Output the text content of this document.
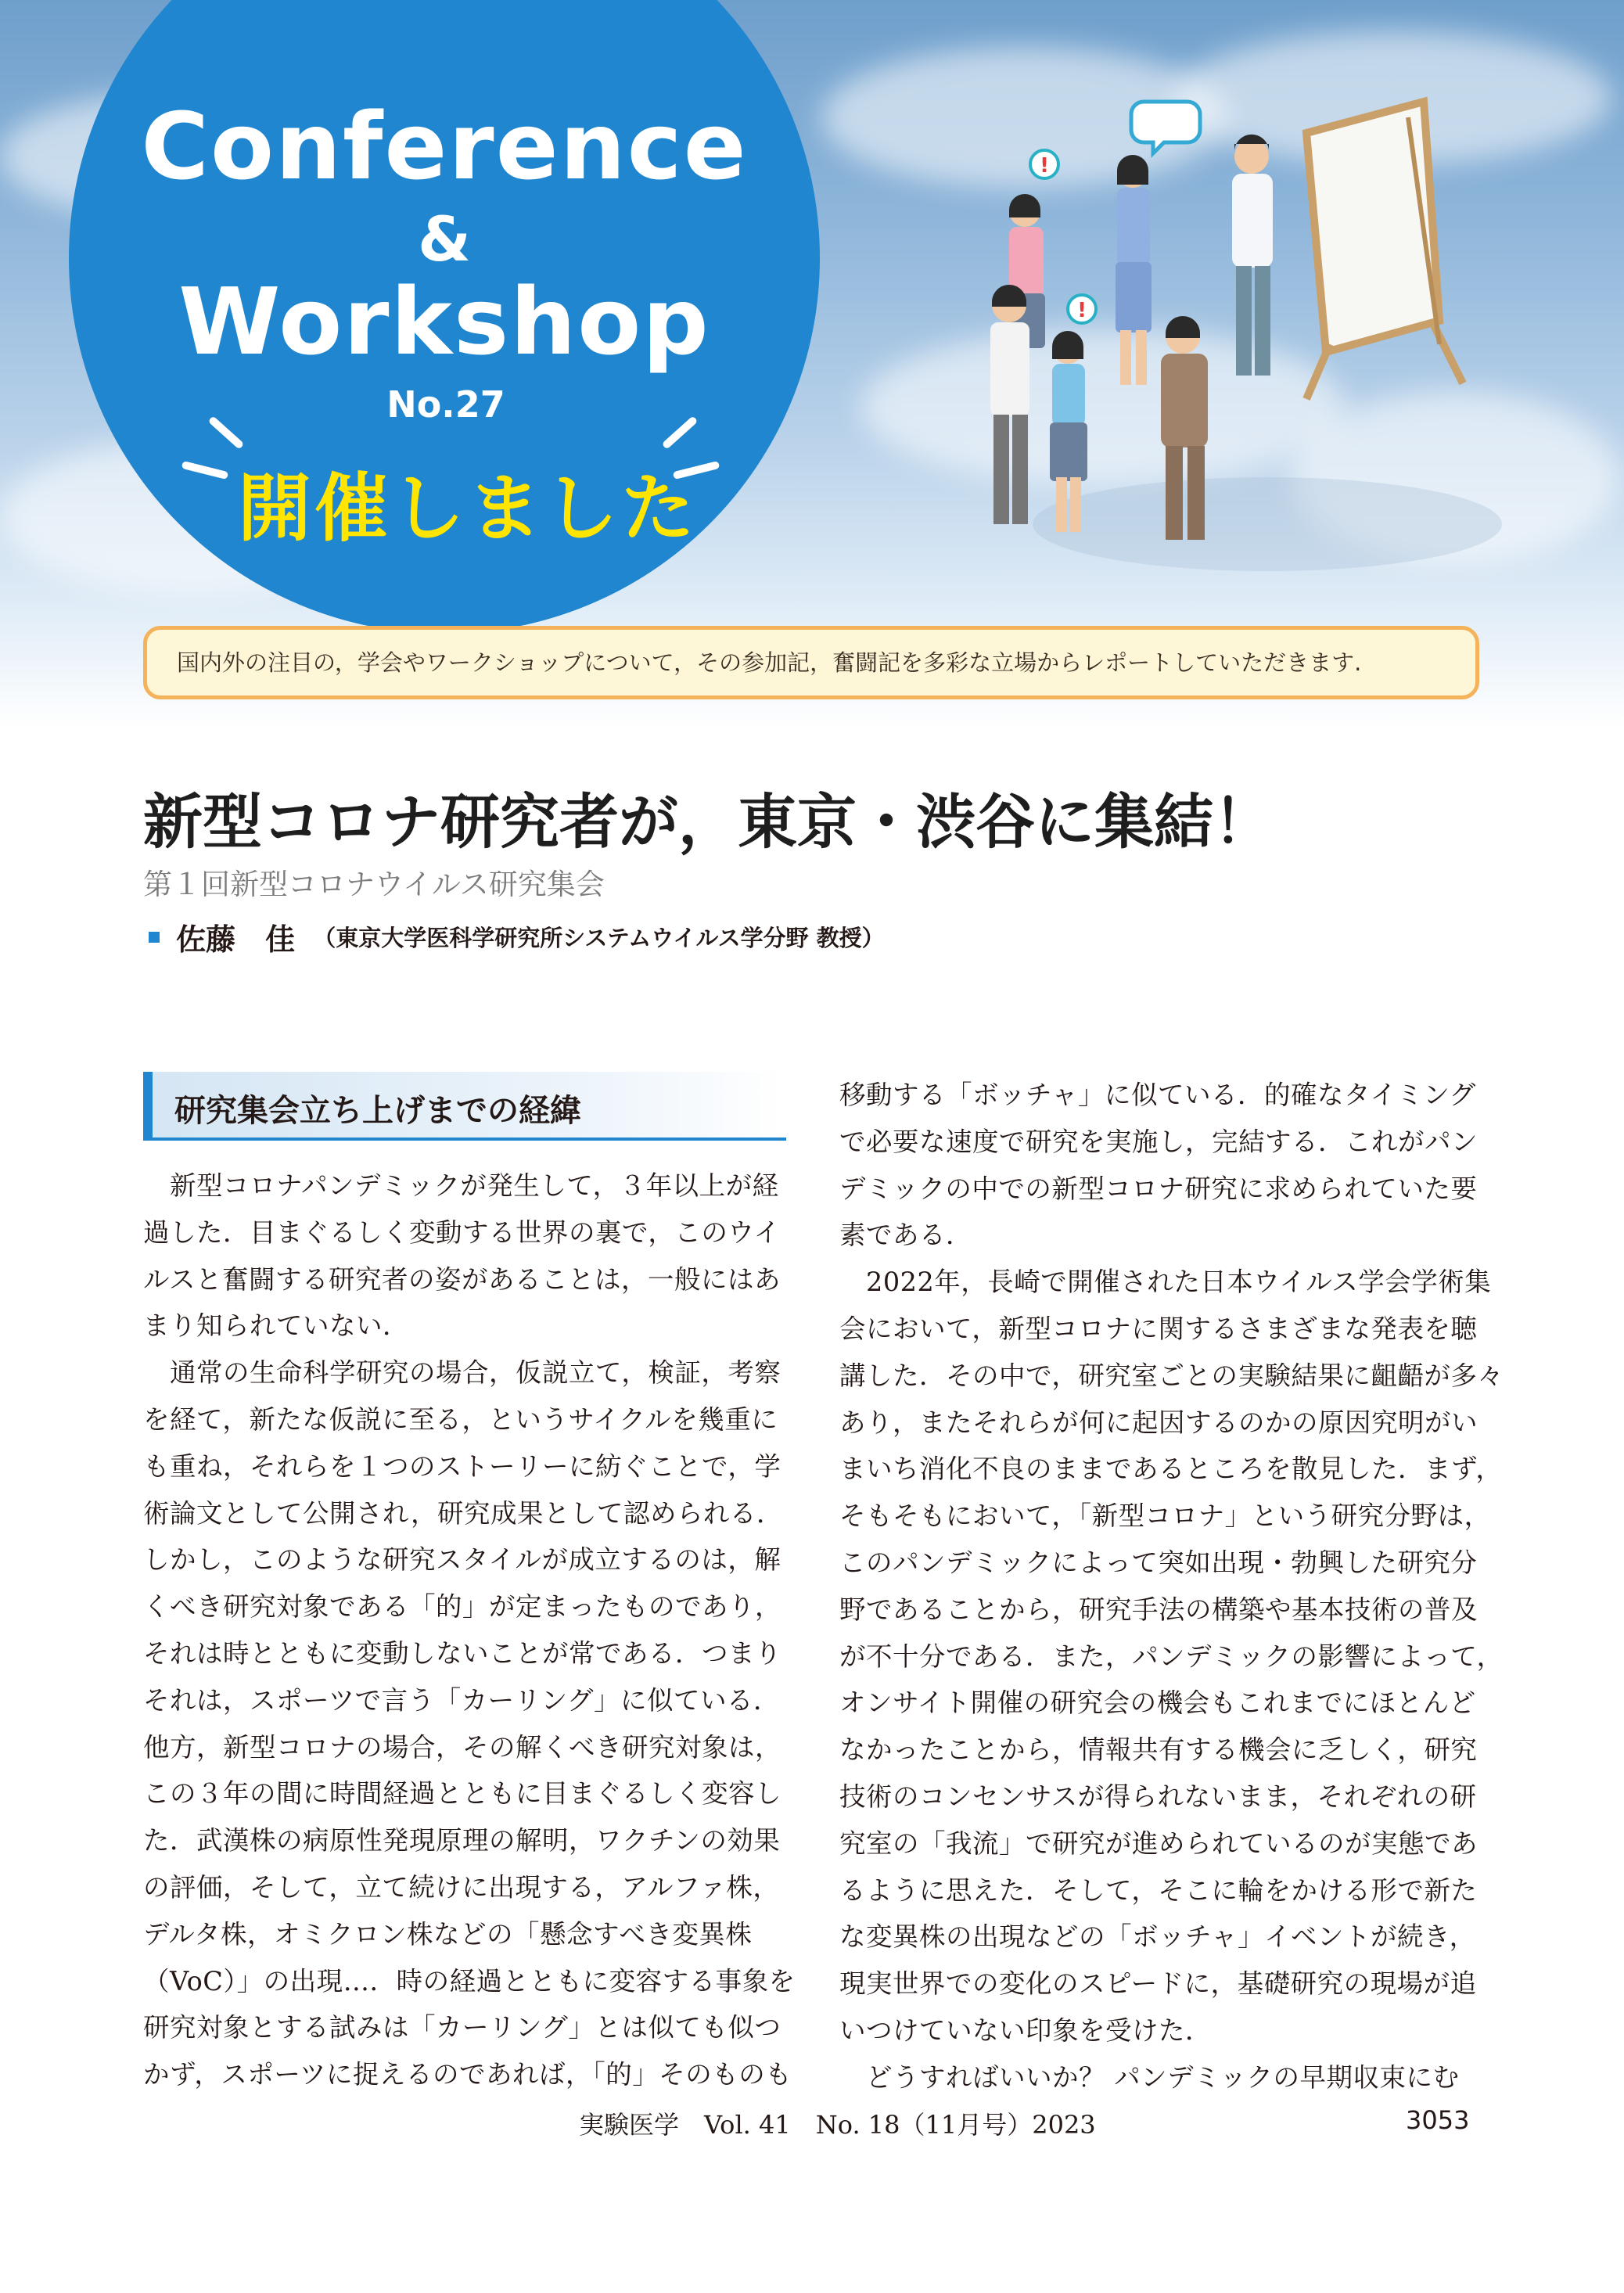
Conference
&
Workshop
No.27
開催しました
!
!
国内外の注目の，学会やワークショップについて，その参加記，奮闘記を多彩な立場からレポートしていただきます.
新型コロナ研究者が，東京・渋谷に集結！
第１回新型コロナウイルス研究集会
佐藤　佳 （東京大学医科学研究所システムウイルス学分野 教授）
研究集会立ち上げまでの経緯
　新型コロナパンデミックが発生して，３年以上が経
過した．目まぐるしく変動する世界の裏で，このウイ
ルスと奮闘する研究者の姿があることは，一般にはあ
まり知られていない．
　通常の生命科学研究の場合，仮説立て，検証，考察
を経て，新たな仮説に至る，というサイクルを幾重に
も重ね，それらを１つのストーリーに紡ぐことで，学
術論文として公開され，研究成果として認められる．
しかし，このような研究スタイルが成立するのは，解
くべき研究対象である「的」が定まったものであり，
それは時とともに変動しないことが常である．つまり
それは，スポーツで言う「カーリング」に似ている．
他方，新型コロナの場合，その解くべき研究対象は，
この３年の間に時間経過とともに目まぐるしく変容し
た．武漢株の病原性発現原理の解明，ワクチンの効果
の評価，そして，立て続けに出現する，アルファ株，
デルタ株，オミクロン株などの「懸念すべき変異株
（VoC）」の出現…．時の経過とともに変容する事象を
研究対象とする試みは「カーリング」とは似ても似つ
かず，スポーツに捉えるのであれば，「的」そのものも
移動する「ボッチャ」に似ている．的確なタイミング
で必要な速度で研究を実施し，完結する．これがパン
デミックの中での新型コロナ研究に求められていた要
素である．
　2022年，長崎で開催された日本ウイルス学会学術集
会において，新型コロナに関するさまざまな発表を聴
講した．その中で，研究室ごとの実験結果に齟齬が多々
あり，またそれらが何に起因するのかの原因究明がい
まいち消化不良のままであるところを散見した．まず，
そもそもにおいて，「新型コロナ」という研究分野は，
このパンデミックによって突如出現・勃興した研究分
野であることから，研究手法の構築や基本技術の普及
が不十分である．また，パンデミックの影響によって，
オンサイト開催の研究会の機会もこれまでにほとんど
なかったことから，情報共有する機会に乏しく，研究
技術のコンセンサスが得られないまま，それぞれの研
究室の「我流」で研究が進められているのが実態であ
るように思えた．そして，そこに輪をかける形で新た
な変異株の出現などの「ボッチャ」イベントが続き，
現実世界での変化のスピードに，基礎研究の現場が追
いつけていない印象を受けた．
　どうすればいいか？ パンデミックの早期収束にむ
実験医学　Vol. 41　No. 18（11月号）2023	3053
